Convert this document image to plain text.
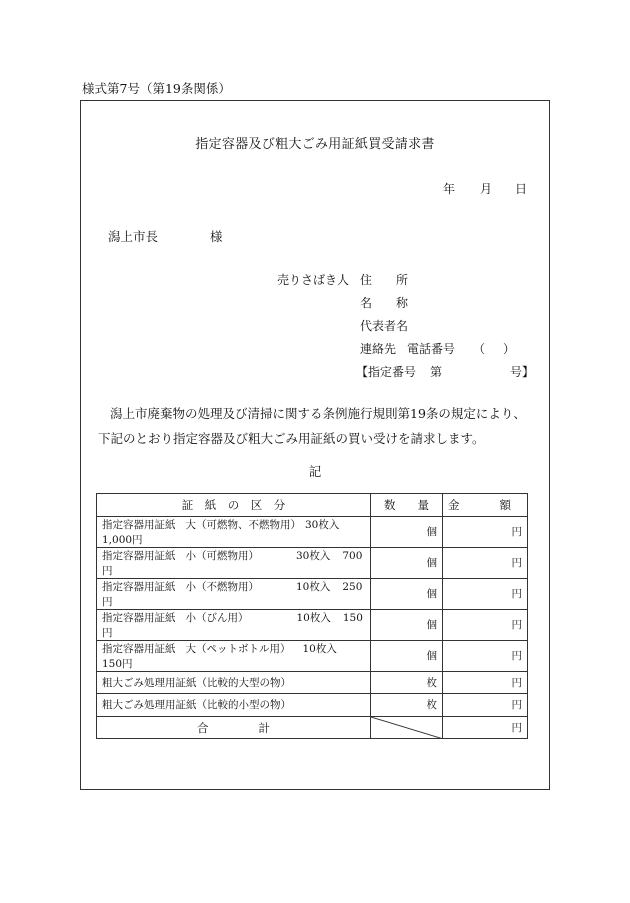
様式第7号（第19条関係）
指定容器及び粗大ごみ用証紙買受請求書
年 月 日
潟上市長	様
売りさばき人 住　　所
名　　称
代表者名
連絡先 電話番号 （ ）
【指定番号 第	号】
潟上市廃棄物の処理及び清掃に関する条例施行規則第19条の規定により、下記のとおり指定容器及び粗大ごみ用証紙の買い受けを請求します。
記
証　紙　の　区　分	数 量	金 額
指定容器用証紙 大（可燃物、不燃物用） 30枚入1,000円	個	円
指定容器用証紙 小（可燃物用） 30枚入 700円	個	円
指定容器用証紙 小（不燃物用） 10枚入 250円	個	円
指定容器用証紙 小（びん用） 10枚入 150円	個	円
指定容器用証紙 大（ペットボトル用） 10枚入150円	個	円
粗大ごみ処理用証紙（比較的大型の物）	枚	円
粗大ごみ処理用証紙（比較的小型の物）	枚	円
合 計		円
